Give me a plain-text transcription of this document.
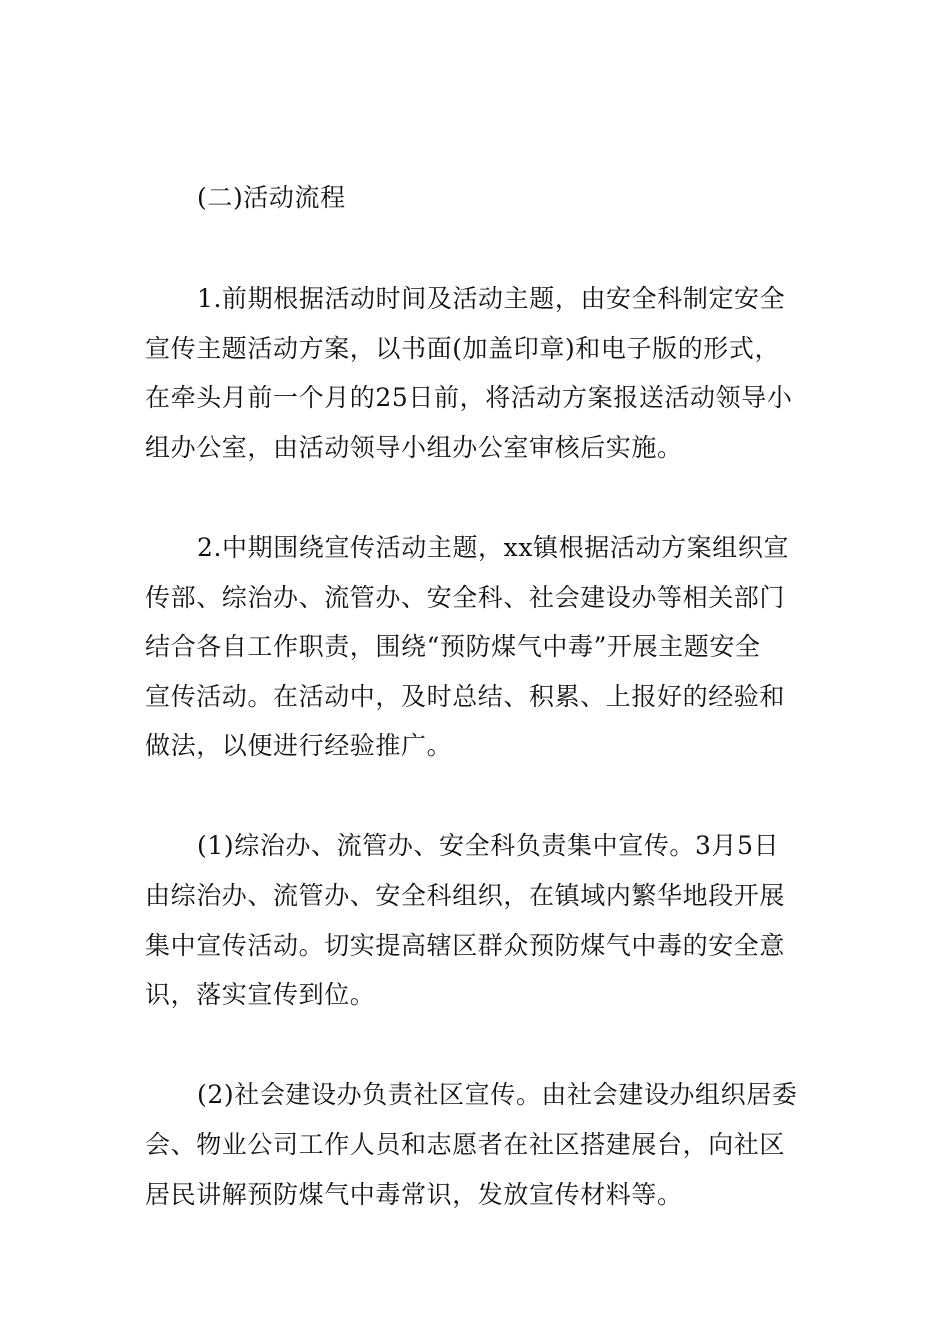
(二)活动流程
1.前期根据活动时间及活动主题，由安全科制定安全
宣传主题活动方案，以书面(加盖印章)和电子版的形式，
在牵头月前一个月的25日前，将活动方案报送活动领导小
组办公室，由活动领导小组办公室审核后实施。
2.中期围绕宣传活动主题，xx镇根据活动方案组织宣
传部、综治办、流管办、安全科、社会建设办等相关部门
结合各自工作职责，围绕“预防煤气中毒”开展主题安全
宣传活动。在活动中，及时总结、积累、上报好的经验和
做法，以便进行经验推广。
(1)综治办、流管办、安全科负责集中宣传。3月5日
由综治办、流管办、安全科组织，在镇域内繁华地段开展
集中宣传活动。切实提高辖区群众预防煤气中毒的安全意
识，落实宣传到位。
(2)社会建设办负责社区宣传。由社会建设办组织居委
会、物业公司工作人员和志愿者在社区搭建展台，向社区
居民讲解预防煤气中毒常识，发放宣传材料等。
